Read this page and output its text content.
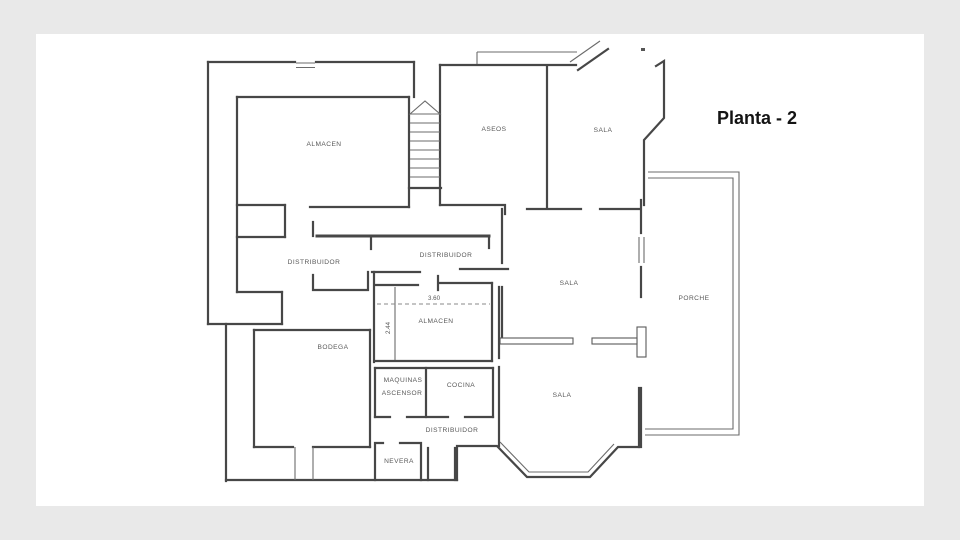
ALMACEN
ASEOS	SALA
DISTRIBUIDOR
DISTRIBUIDOR
SALA
PORCHE
3.60
ALMACEN
2.44
BODEGA
MAQUINAS
ASCENSOR
COCINA
SALA
DISTRIBUIDOR
NEVERA
Planta - 2
